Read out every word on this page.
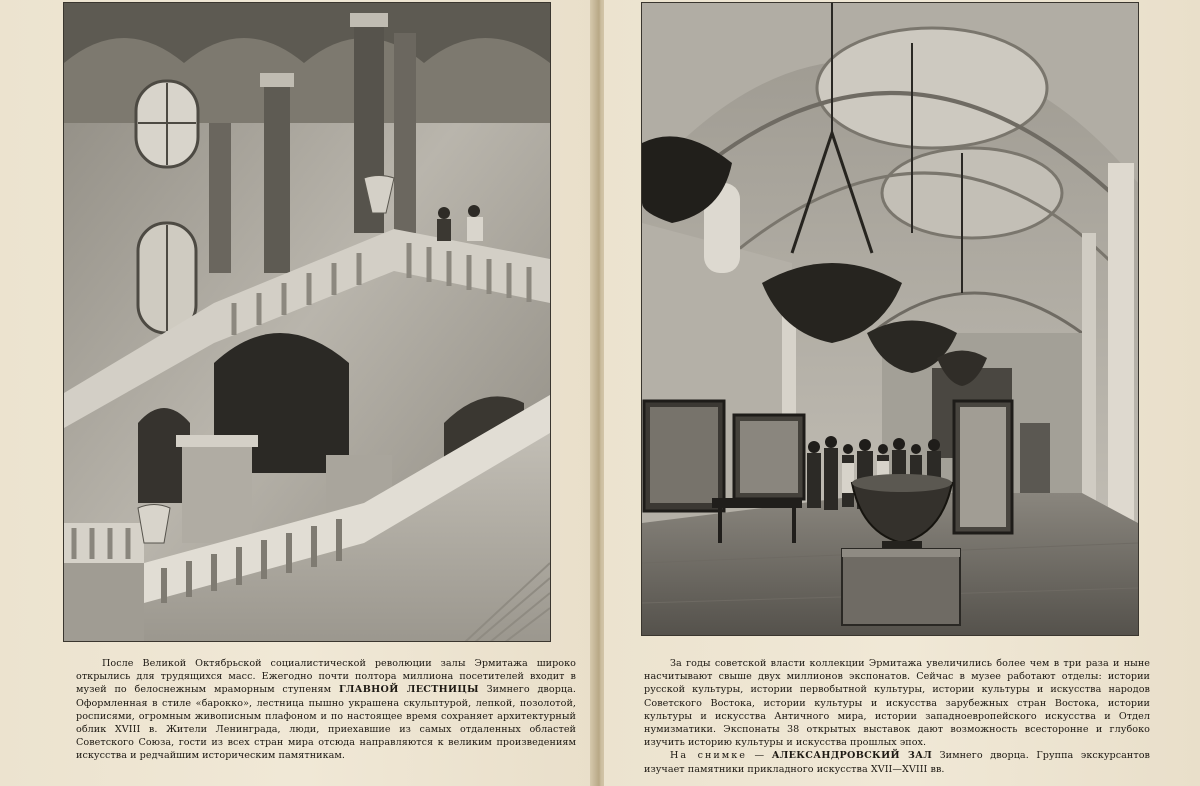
После Великой Октябрьской социалистической революции залы Эрмитажа широко открылись для трудящихся масс. Ежегодно почти полтора миллиона посетителей входит в музей по белоснежным мраморным ступеням ГЛАВНОЙ ЛЕСТНИЦЫ Зимнего дворца. Оформленная в стиле «барокко», лестница пышно украшена скульптурой, лепкой, позолотой, росписями, огромным живописным плафоном и по настоящее время сохраняет архитектурный облик XVIII в. Жители Ленинграда, люди, приехавшие из самых отдаленных областей Советского Союза, гости из всех стран мира отсюда направляются к великим произведениям искусства и редчайшим историческим памятникам.

За годы советской власти коллекции Эрмитажа увеличились более чем в три раза и ныне насчитывают свыше двух миллионов экспонатов. Сейчас в музее работают отделы: истории русской культуры, истории первобытной культуры, истории культуры и искусства народов Советского Востока, истории культуры и искусства зарубежных стран Востока, истории культуры и искусства Античного мира, истории западноевропейского искусства и Отдел нумизматики. Экспонаты 38 открытых выставок дают возможность всесторонне и глубоко изучить историю культуры и искусства прошлых эпох.

На снимке — АЛЕКСАНДРОВСКИЙ ЗАЛ Зимнего дворца. Группа экскурсантов изучает памятники прикладного искусства XVII—XVIII вв.
